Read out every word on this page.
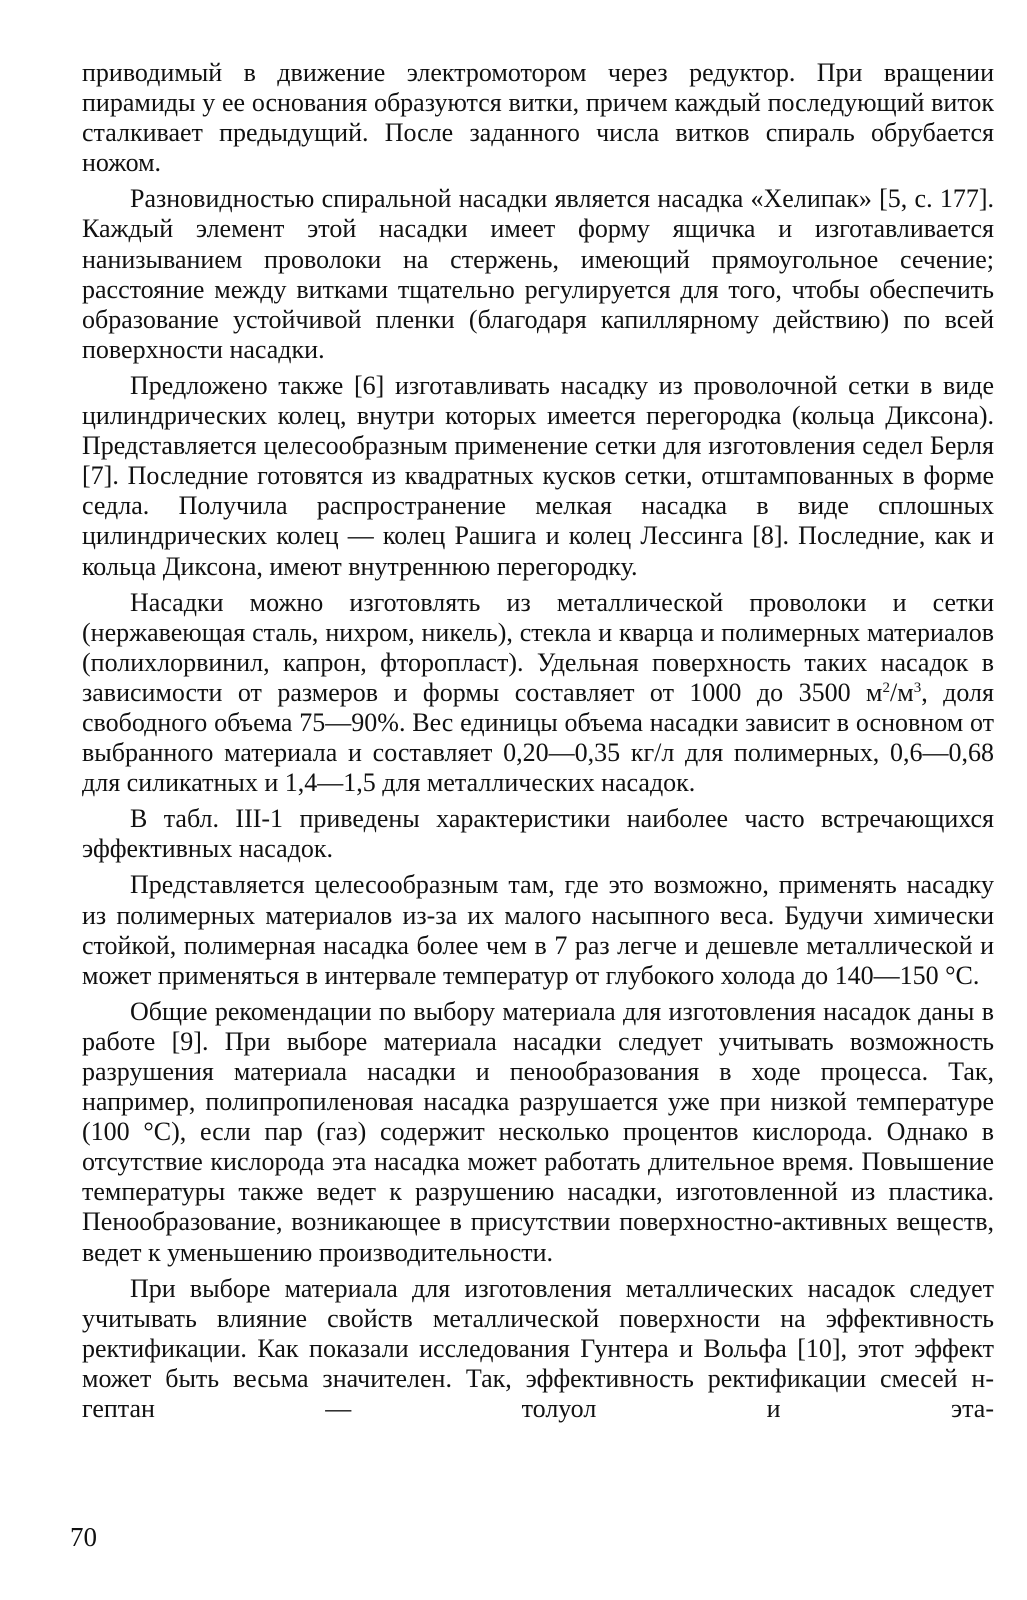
приводимый в движение электромотором через редуктор. При вращении пирамиды у ее основания образуются витки, причем каждый последующий виток сталкивает предыдущий. После заданного числа витков спираль обрубается ножом.

Разновидностью спиральной насадки является насадка «Хелипак» [5, с. 177]. Каждый элемент этой насадки имеет форму ящичка и изготавливается нанизыванием проволоки на стержень, имеющий прямоугольное сечение; расстояние между витками тщательно регулируется для того, чтобы обеспечить образование устойчивой пленки (благодаря капиллярному действию) по всей поверхности насадки.

Предложено также [6] изготавливать насадку из проволочной сетки в виде цилиндрических колец, внутри которых имеется перегородка (кольца Диксона). Представляется целесообразным применение сетки для изготовления седел Берля [7]. Последние готовятся из квадратных кусков сетки, отштампованных в форме седла. Получила распространение мелкая насадка в виде сплошных цилиндрических колец — колец Рашига и колец Лессинга [8]. Последние, как и кольца Диксона, имеют внутреннюю перегородку.

Насадки можно изготовлять из металлической проволоки и сетки (нержавеющая сталь, нихром, никель), стекла и кварца и полимерных материалов (полихлорвинил, капрон, фторопласт). Удельная поверхность таких насадок в зависимости от размеров и формы составляет от 1000 до 3500 $м^2/м^3$, доля свободного объема 75—90%. Вес единицы объема насадки зависит в основном от выбранного материала и составляет 0,20—0,35 кг/л для полимерных, 0,6—0,68 для силикатных и 1,4—1,5 для металлических насадок.

В табл. III-1 приведены характеристики наиболее часто встречающихся эффективных насадок.

Представляется целесообразным там, где это возможно, применять насадку из полимерных материалов из-за их малого насыпного веса. Будучи химически стойкой, полимерная насадка более чем в 7 раз легче и дешевле металлической и может применяться в интервале температур от глубокого холода до 140—150 °C.

Общие рекомендации по выбору материала для изготовления насадок даны в работе [9]. При выборе материала насадки следует учитывать возможность разрушения материала насадки и пенообразования в ходе процесса. Так, например, полипропиленовая насадка разрушается уже при низкой температуре (100 °C), если пар (газ) содержит несколько процентов кислорода. Однако в отсутствие кислорода эта насадка может работать длительное время. Повышение температуры также ведет к разрушению насадки, изготовленной из пластика. Пенообразование, возникающее в присутствии поверхностно-активных веществ, ведет к уменьшению производительности.

При выборе материала для изготовления металлических насадок следует учитывать влияние свойств металлической поверхности на эффективность ректификации. Как показали исследования Гунтера и Вольфа [10], этот эффект может быть весьма значителен. Так, эффективность ректификации смесей н-гептан — толуол и эта-

70
